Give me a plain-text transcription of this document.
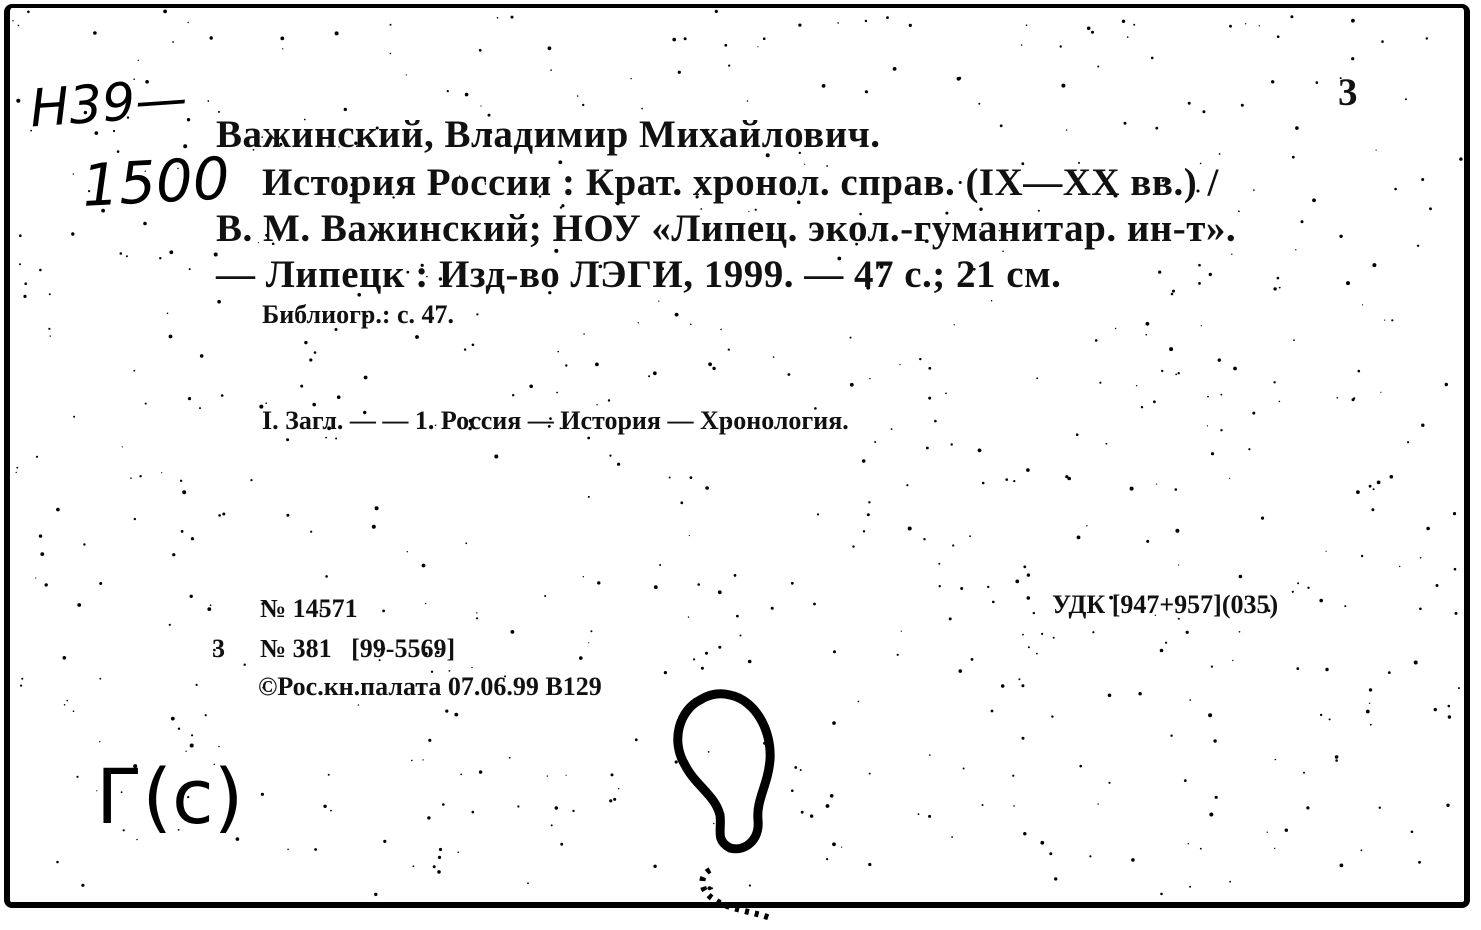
Н39—
1500
3
Важинский, Владимир Михайлович.
История России : Крат. хронол. справ. (IX—XX вв.) /
В. М. Важинский; НОУ «Липец. экол.-гуманитар. ин-т».
— Липецк : Изд-во ЛЭГИ, 1999. — 47 с.; 21 см.
Библиогр.: с. 47.
I. Загл. — — 1. Россия — История — Хронология.
№ 14571	УДК [947+957](035)
3 № 381   [99-5569]
©Рос.кн.палата 07.06.99 В129
Г(с)
